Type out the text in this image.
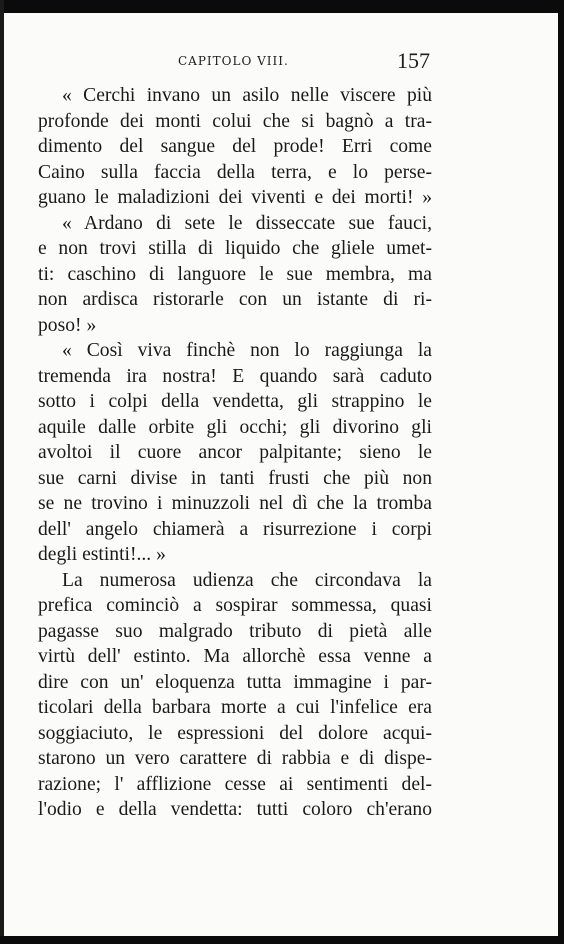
CAPITOLO VIII.	157
« Cerchi invano un asilo nelle viscere più
profonde dei monti colui che si bagnò a tra-
dimento del sangue del prode! Erri come
Caino sulla faccia della terra, e lo perse-
guano le maladizioni dei viventi e dei morti! »
« Ardano di sete le disseccate sue fauci,
e non trovi stilla di liquido che gliele umet-
ti: caschino di languore le sue membra, ma
non ardisca ristorarle con un istante di ri-
poso! »
« Così viva finchè non lo raggiunga la
tremenda ira nostra! E quando sarà caduto
sotto i colpi della vendetta, gli strappino le
aquile dalle orbite gli occhi; gli divorino gli
avoltoi il cuore ancor palpitante; sieno le
sue carni divise in tanti frusti che più non
se ne trovino i minuzzoli nel dì che la tromba
dell' angelo chiamerà a risurrezione i corpi
degli estinti!... »
La numerosa udienza che circondava la
prefica cominciò a sospirar sommessa, quasi
pagasse suo malgrado tributo di pietà alle
virtù dell' estinto. Ma allorchè essa venne a
dire con un' eloquenza tutta immagine i par-
ticolari della barbara morte a cui l'infelice era
soggiaciuto, le espressioni del dolore acqui-
starono un vero carattere di rabbia e di dispe-
razione; l' afflizione cesse ai sentimenti del-
l'odio e della vendetta: tutti coloro ch'erano
